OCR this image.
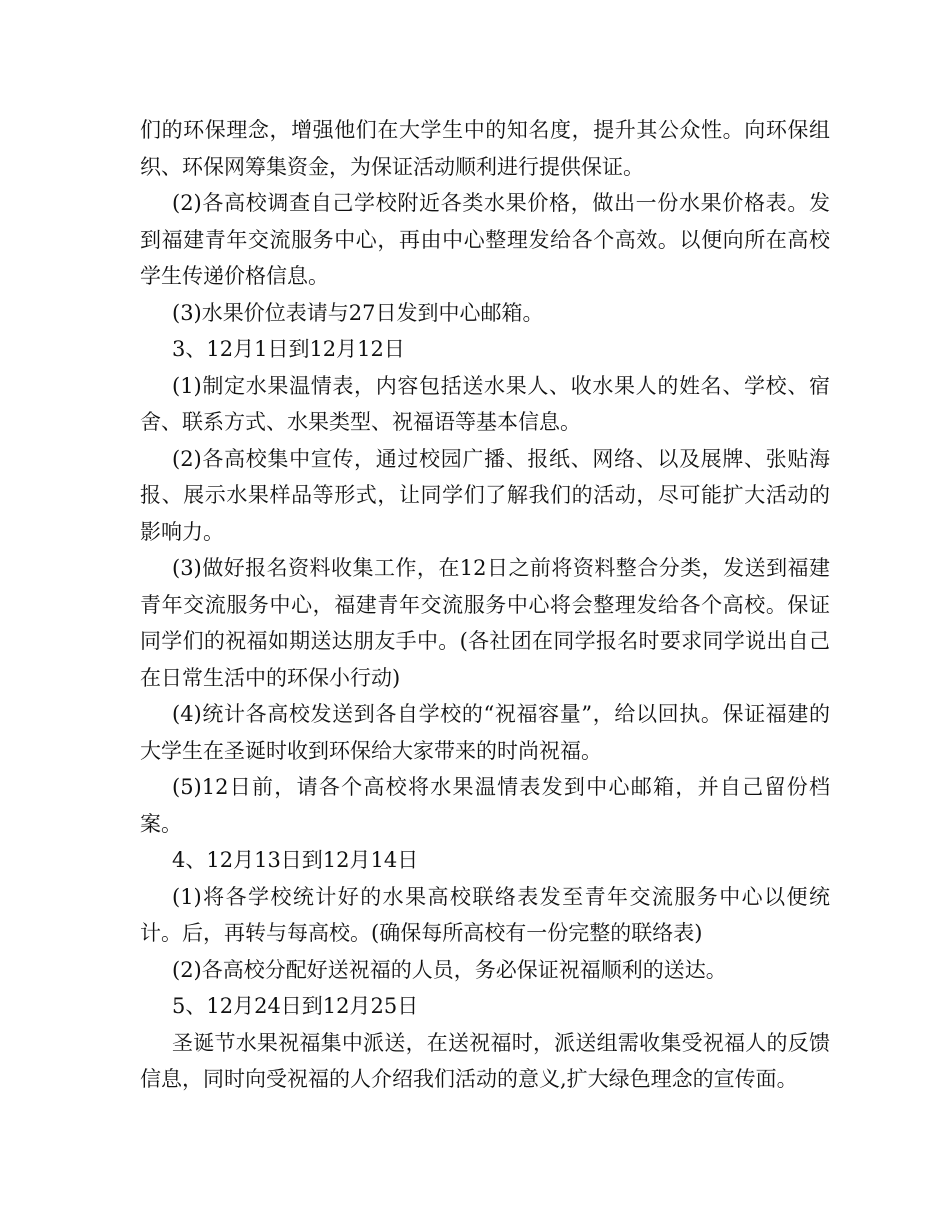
们的环保理念，增强他们在大学生中的知名度，提升其公众性。向环保组织、环保网筹集资金，为保证活动顺利进行提供保证。

(2)各高校调查自己学校附近各类水果价格，做出一份水果价格表。发到福建青年交流服务中心，再由中心整理发给各个高效。以便向所在高校学生传递价格信息。

(3)水果价位表请与27日发到中心邮箱。

3、12月1日到12月12日

(1)制定水果温情表，内容包括送水果人、收水果人的姓名、学校、宿舍、联系方式、水果类型、祝福语等基本信息。

(2)各高校集中宣传，通过校园广播、报纸、网络、以及展牌、张贴海报、展示水果样品等形式，让同学们了解我们的活动，尽可能扩大活动的影响力。

(3)做好报名资料收集工作，在12日之前将资料整合分类，发送到福建青年交流服务中心，福建青年交流服务中心将会整理发给各个高校。保证同学们的祝福如期送达朋友手中。(各社团在同学报名时要求同学说出自己在日常生活中的环保小行动)

(4)统计各高校发送到各自学校的“祝福容量”，给以回执。保证福建的大学生在圣诞时收到环保给大家带来的时尚祝福。

(5)12日前，请各个高校将水果温情表发到中心邮箱，并自己留份档案。

4、12月13日到12月14日

(1)将各学校统计好的水果高校联络表发至青年交流服务中心以便统计。后，再转与每高校。(确保每所高校有一份完整的联络表)

(2)各高校分配好送祝福的人员，务必保证祝福顺利的送达。

5、12月24日到12月25日

圣诞节水果祝福集中派送，在送祝福时，派送组需收集受祝福人的反馈信息，同时向受祝福的人介绍我们活动的意义,扩大绿色理念的宣传面。
